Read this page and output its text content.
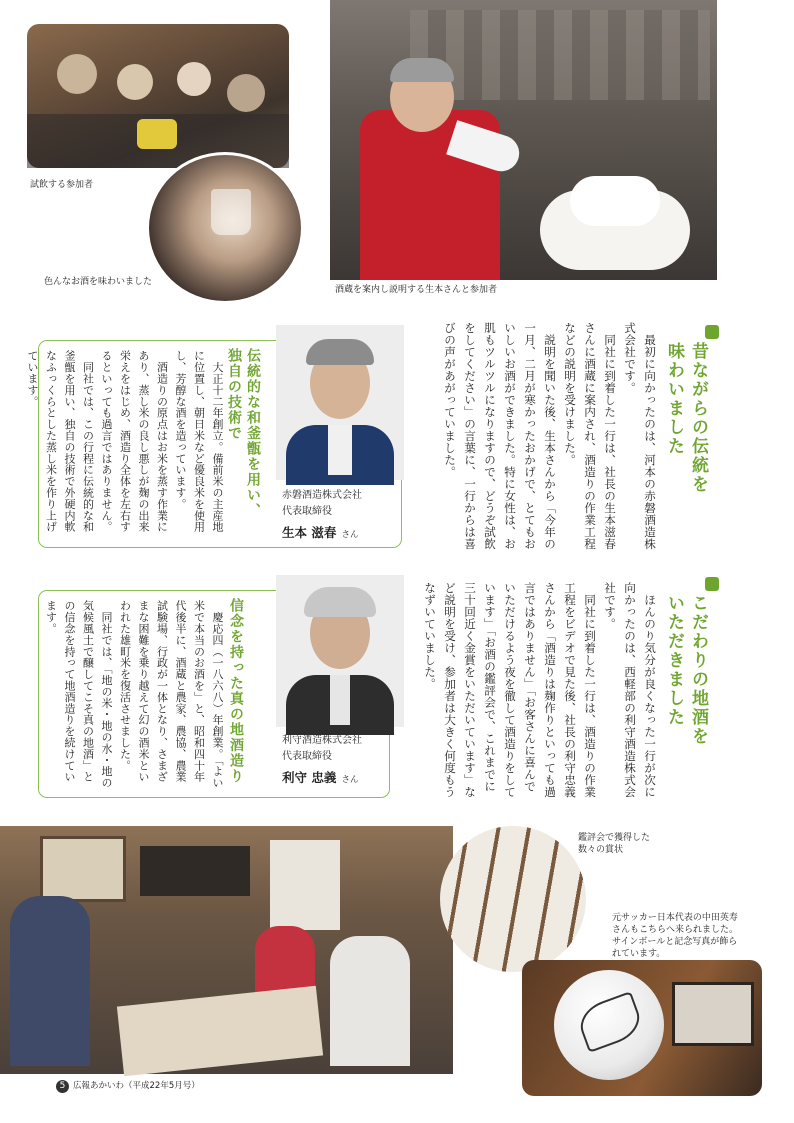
試飲する参加者
色んなお酒を味わいました
酒蔵を案内し説明する生本さんと参加者
昔ながらの伝統を
味わいました
　最初に向かったのは、河本の赤磐酒造株式会社です。
　同社に到着した一行は、社長の生本滋春さんに酒蔵に案内され、酒造りの作業工程などの説明を受けました。
　説明を聞いた後、生本さんから「今年の一月、二月が寒かったおかげで、とてもおいしいお酒ができました。特に女性は、お肌もツルツルになりますので、どうぞ試飲をしてください」の言葉に、一行からは喜びの声があがっていました。
伝統的な和釜甑を用い、
独自の技術で
　大正十二年創立。備前米の主産地に位置し、朝日米など優良米を使用し、芳醇な酒を造っています。
　酒造りの原点はお米を蒸す作業にあり、蒸し米の良し悪しが麹の出来栄えをはじめ、酒造り全体を左右するといっても過言ではありません。
　同社では、この行程に伝統的な和釜甑を用い、独自の技術で外硬内軟なふっくらとした蒸し米を作り上げています。
赤磐酒造株式会社
代表取締役
生本 滋春 さん
こだわりの地酒を
いただきました
　ほんのり気分が良くなった一行が次に向かったのは、西軽部の利守酒造株式会社です。
　同社に到着した一行は、酒造りの作業工程をビデオで見た後、社長の利守忠義さんから「酒造りは麹作りといっても過言ではありません」「お客さんに喜んでいただけるよう夜を徹して酒造りをしています」「お酒の鑑評会で、これまでに三十回近く金賞をいただいています」など説明を受け、参加者は大きく何度もうなずいていました。
信念を持った真の地酒造り
　慶応四（一八六八）年創業。「よい米で本当のお酒を」と、昭和四十年代後半に、酒蔵と農家、農協、農業試験場、行政が一体となり、さまざまな困難を乗り越えて幻の酒米といわれた雄町米を復活させました。
　同社では、「地の米・地の水・地の気候風土で醸してこそ真の地酒」との信念を持って地酒造りを続けています。
利守酒造株式会社
代表取締役
利守 忠義 さん
鑑評会で獲得した
数々の賞状
元サッカー日本代表の中田英寿
さんもこちらへ来られました。
サインボールと記念写真が飾ら
れています。
5 広報あかいわ（平成22年5月号）
